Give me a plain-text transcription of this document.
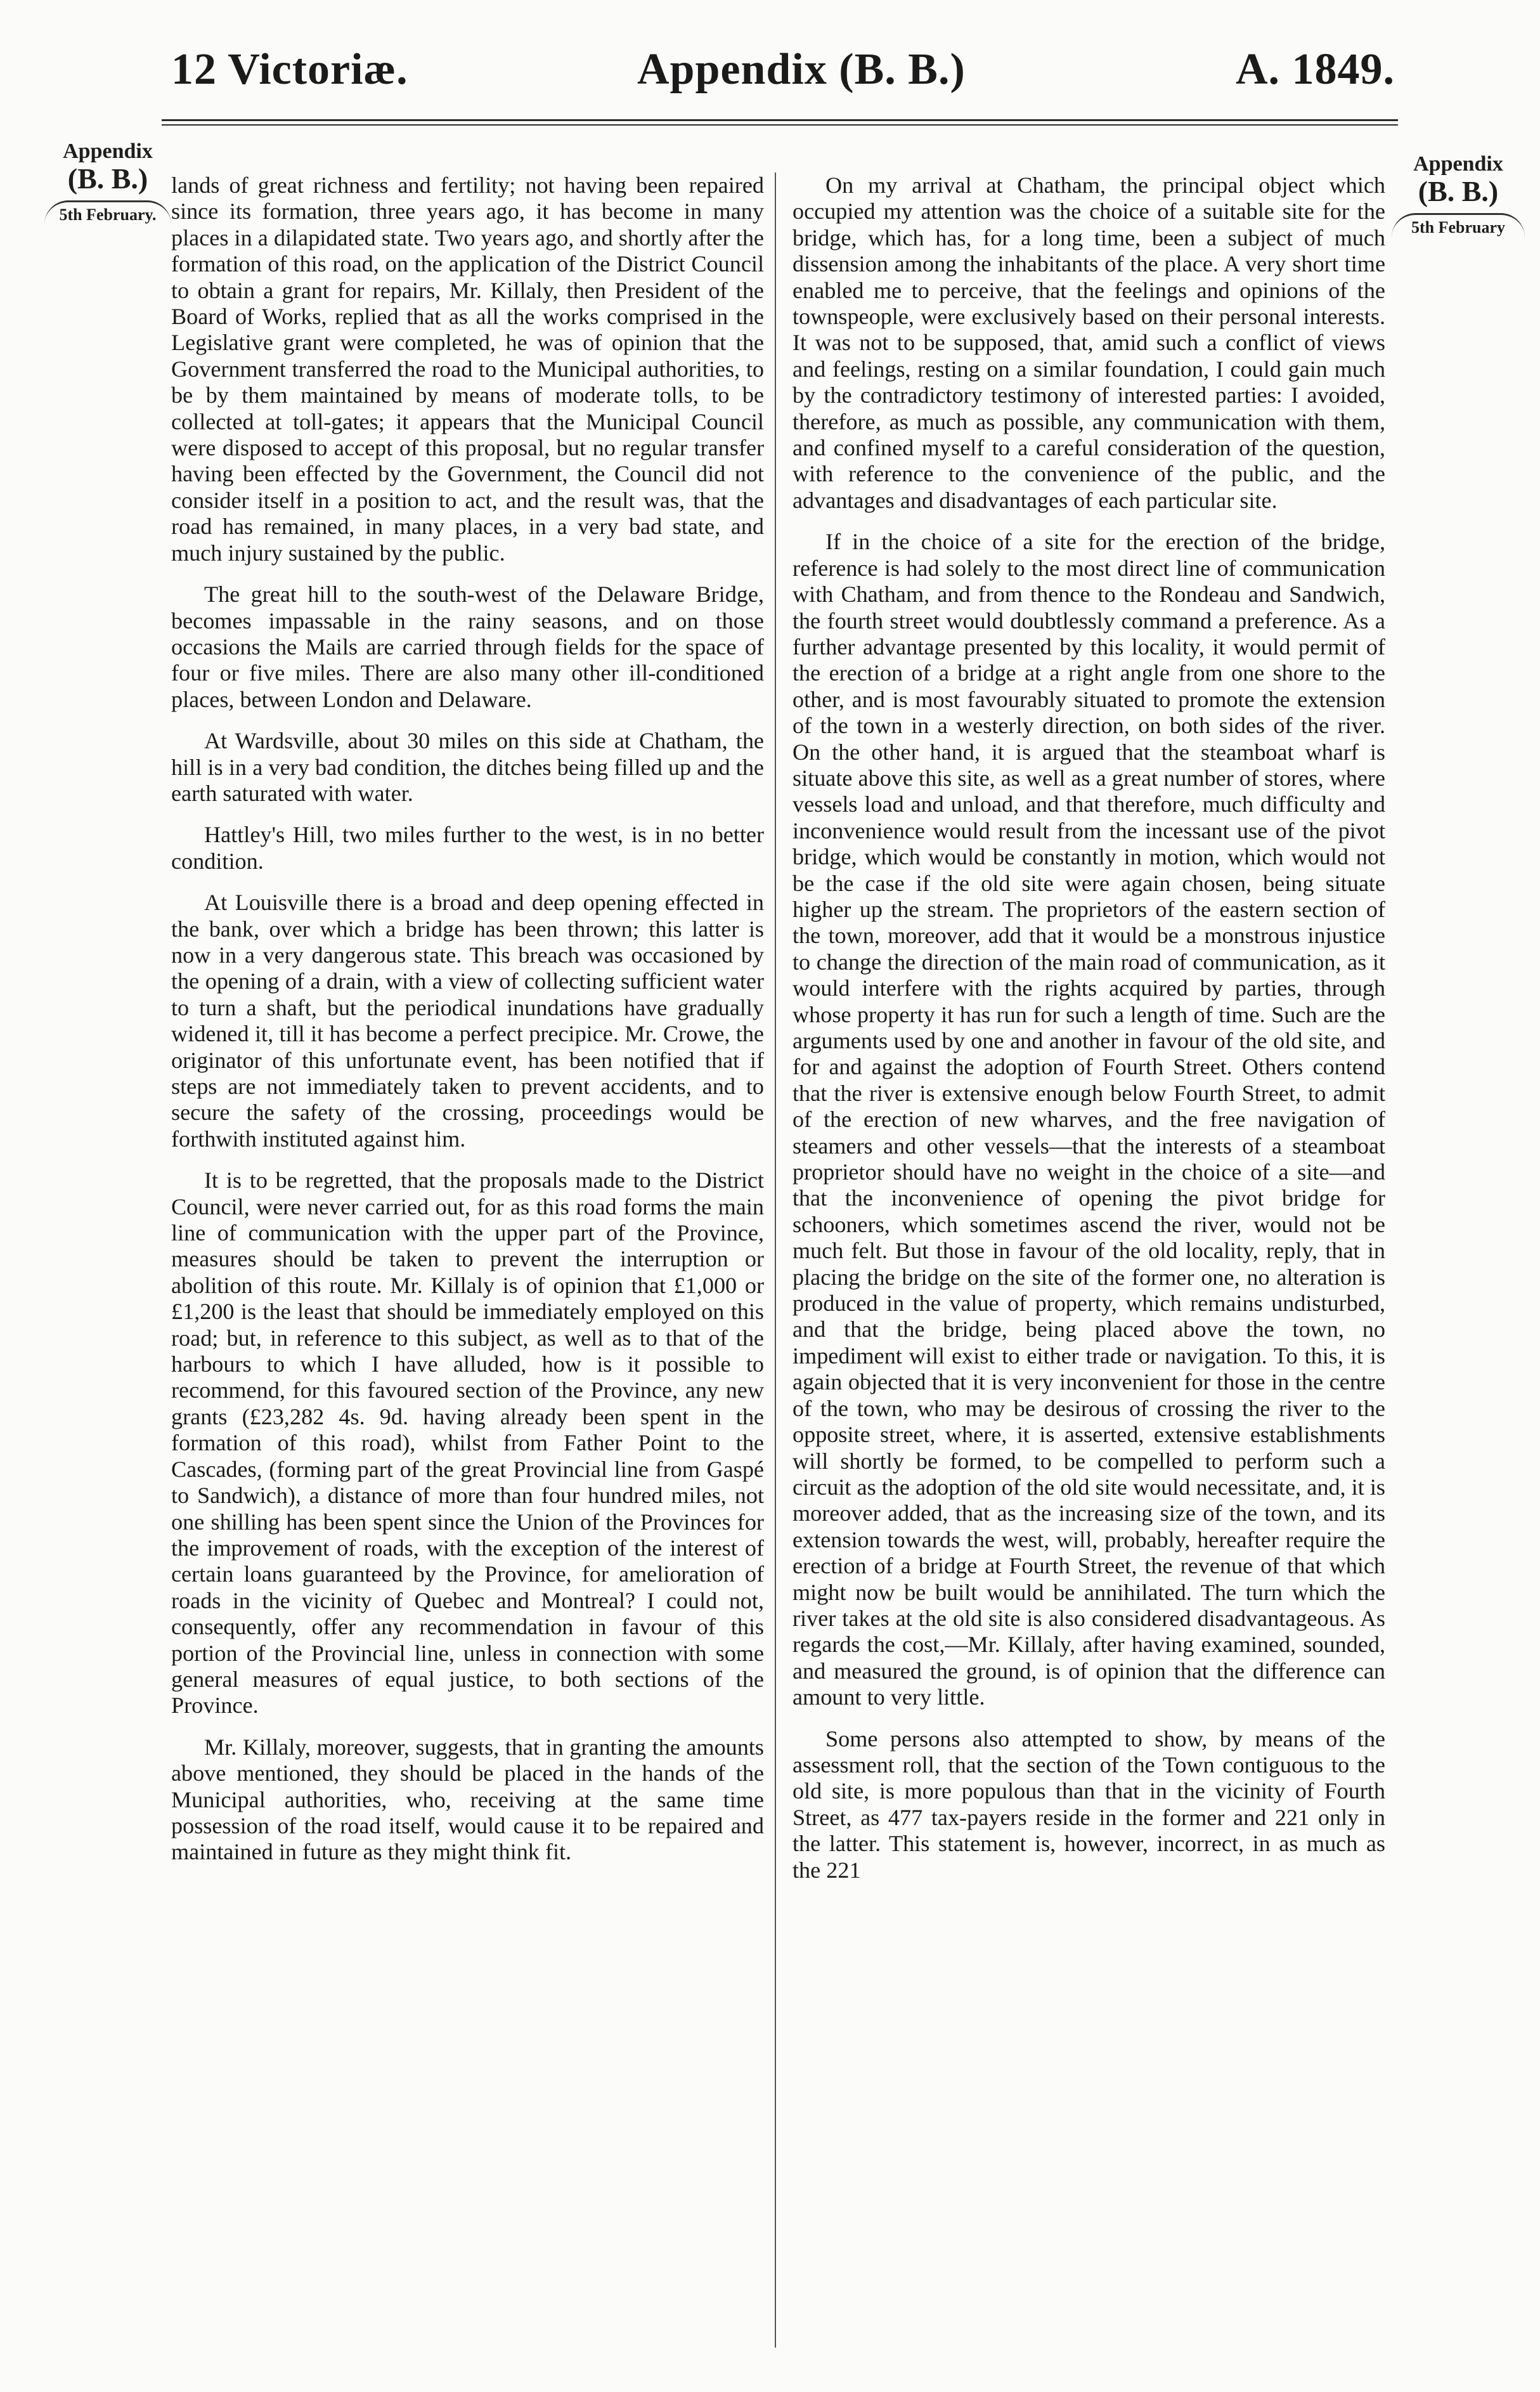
12 Victoriæ.	Appendix (B. B.)	A. 1849.
Appendix
(B. B.)
5th February.
Appendix
(B. B.)
5th February

lands of great richness and fertility; not having been repaired since its formation, three years ago, it has become in many places in a dilapidated state. Two years ago, and shortly after the formation of this road, on the application of the District Council to obtain a grant for repairs, Mr. Killaly, then President of the Board of Works, replied that as all the works comprised in the Legislative grant were completed, he was of opinion that the Government transferred the road to the Municipal authorities, to be by them maintained by means of moderate tolls, to be collected at toll-gates; it appears that the Municipal Council were disposed to accept of this proposal, but no regular transfer having been effected by the Government, the Council did not consider itself in a position to act, and the result was, that the road has remained, in many places, in a very bad state, and much injury sustained by the public.

The great hill to the south-west of the Delaware Bridge, becomes impassable in the rainy seasons, and on those occasions the Mails are carried through fields for the space of four or five miles. There are also many other ill-conditioned places, between London and Delaware.

At Wardsville, about 30 miles on this side at Chatham, the hill is in a very bad condition, the ditches being filled up and the earth saturated with water.

Hattley's Hill, two miles further to the west, is in no better condition.

At Louisville there is a broad and deep opening effected in the bank, over which a bridge has been thrown; this latter is now in a very dangerous state. This breach was occasioned by the opening of a drain, with a view of collecting sufficient water to turn a shaft, but the periodical inundations have gradually widened it, till it has become a perfect precipice. Mr. Crowe, the originator of this unfortunate event, has been notified that if steps are not immediately taken to prevent accidents, and to secure the safety of the crossing, proceedings would be forthwith instituted against him.

It is to be regretted, that the proposals made to the District Council, were never carried out, for as this road forms the main line of communication with the upper part of the Province, measures should be taken to prevent the interruption or abolition of this route. Mr. Killaly is of opinion that £1,000 or £1,200 is the least that should be immediately employed on this road; but, in reference to this subject, as well as to that of the harbours to which I have alluded, how is it possible to recommend, for this favoured section of the Province, any new grants (£23,282 4s. 9d. having already been spent in the formation of this road), whilst from Father Point to the Cascades, (forming part of the great Provincial line from Gaspé to Sandwich), a distance of more than four hundred miles, not one shilling has been spent since the Union of the Provinces for the improvement of roads, with the exception of the interest of certain loans guaranteed by the Province, for amelioration of roads in the vicinity of Quebec and Montreal? I could not, consequently, offer any recommendation in favour of this portion of the Provincial line, unless in connection with some general measures of equal justice, to both sections of the Province.

Mr. Killaly, moreover, suggests, that in granting the amounts above mentioned, they should be placed in the hands of the Municipal authorities, who, receiving at the same time possession of the road itself, would cause it to be repaired and maintained in future as they might think fit.

On my arrival at Chatham, the principal object which occupied my attention was the choice of a suitable site for the bridge, which has, for a long time, been a subject of much dissension among the inhabitants of the place. A very short time enabled me to perceive, that the feelings and opinions of the townspeople, were exclusively based on their personal interests. It was not to be supposed, that, amid such a conflict of views and feelings, resting on a similar foundation, I could gain much by the contradictory testimony of interested parties: I avoided, therefore, as much as possible, any communication with them, and confined myself to a careful consideration of the question, with reference to the convenience of the public, and the advantages and disadvantages of each particular site.

If in the choice of a site for the erection of the bridge, reference is had solely to the most direct line of communication with Chatham, and from thence to the Rondeau and Sandwich, the fourth street would doubtlessly command a preference. As a further advantage presented by this locality, it would permit of the erection of a bridge at a right angle from one shore to the other, and is most favourably situated to promote the extension of the town in a westerly direction, on both sides of the river. On the other hand, it is argued that the steamboat wharf is situate above this site, as well as a great number of stores, where vessels load and unload, and that therefore, much difficulty and inconvenience would result from the incessant use of the pivot bridge, which would be constantly in motion, which would not be the case if the old site were again chosen, being situate higher up the stream. The proprietors of the eastern section of the town, moreover, add that it would be a monstrous injustice to change the direction of the main road of communication, as it would interfere with the rights acquired by parties, through whose property it has run for such a length of time. Such are the arguments used by one and another in favour of the old site, and for and against the adoption of Fourth Street. Others contend that the river is extensive enough below Fourth Street, to admit of the erection of new wharves, and the free navigation of steamers and other vessels—that the interests of a steamboat proprietor should have no weight in the choice of a site—and that the inconvenience of opening the pivot bridge for schooners, which sometimes ascend the river, would not be much felt. But those in favour of the old locality, reply, that in placing the bridge on the site of the former one, no alteration is produced in the value of property, which remains undisturbed, and that the bridge, being placed above the town, no impediment will exist to either trade or navigation. To this, it is again objected that it is very inconvenient for those in the centre of the town, who may be desirous of crossing the river to the opposite street, where, it is asserted, extensive establishments will shortly be formed, to be compelled to perform such a circuit as the adoption of the old site would necessitate, and, it is moreover added, that as the increasing size of the town, and its extension towards the west, will, probably, hereafter require the erection of a bridge at Fourth Street, the revenue of that which might now be built would be annihilated. The turn which the river takes at the old site is also considered disadvantageous. As regards the cost,—Mr. Killaly, after having examined, sounded, and measured the ground, is of opinion that the difference can amount to very little.

Some persons also attempted to show, by means of the assessment roll, that the section of the Town contiguous to the old site, is more populous than that in the vicinity of Fourth Street, as 477 tax-payers reside in the former and 221 only in the latter. This statement is, however, incorrect, in as much as the 221
